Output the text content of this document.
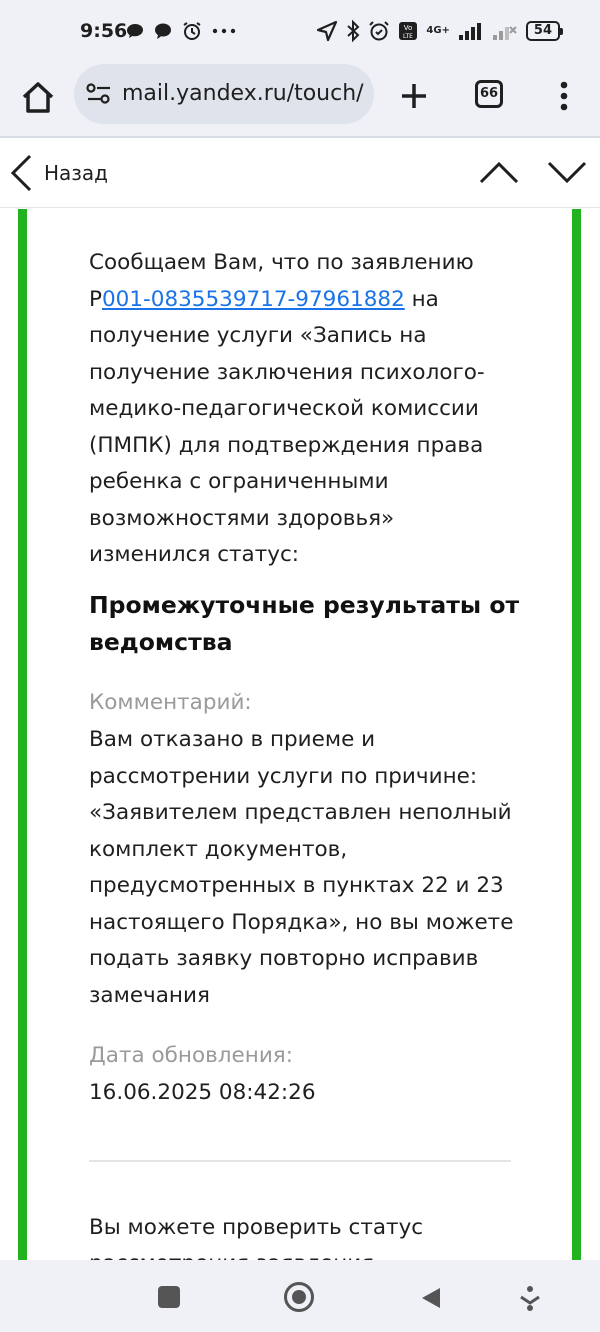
9:56	Vo
LTE
4G+	54
mail.yandex.ru/touch/	66
Назад

Сообщаем Вам, что по заявлению Р001-0835539717-97961882 на получение услуги «Запись на получение заключения психолого-медико-педагогической комиссии (ПМПК) для подтверждения права ребенка с ограниченными возможностями здоровья» изменился статус:

Промежуточные результаты от ведомства

Комментарий:

Вам отказано в приеме и рассмотрении услуги по причине: «Заявителем представлен неполный комплект документов, предусмотренных в пунктах 22 и 23 настоящего Порядка», но вы можете подать заявку повторно исправив замечания

Дата обновления:

16.06.2025 08:42:26

Вы можете проверить статус
